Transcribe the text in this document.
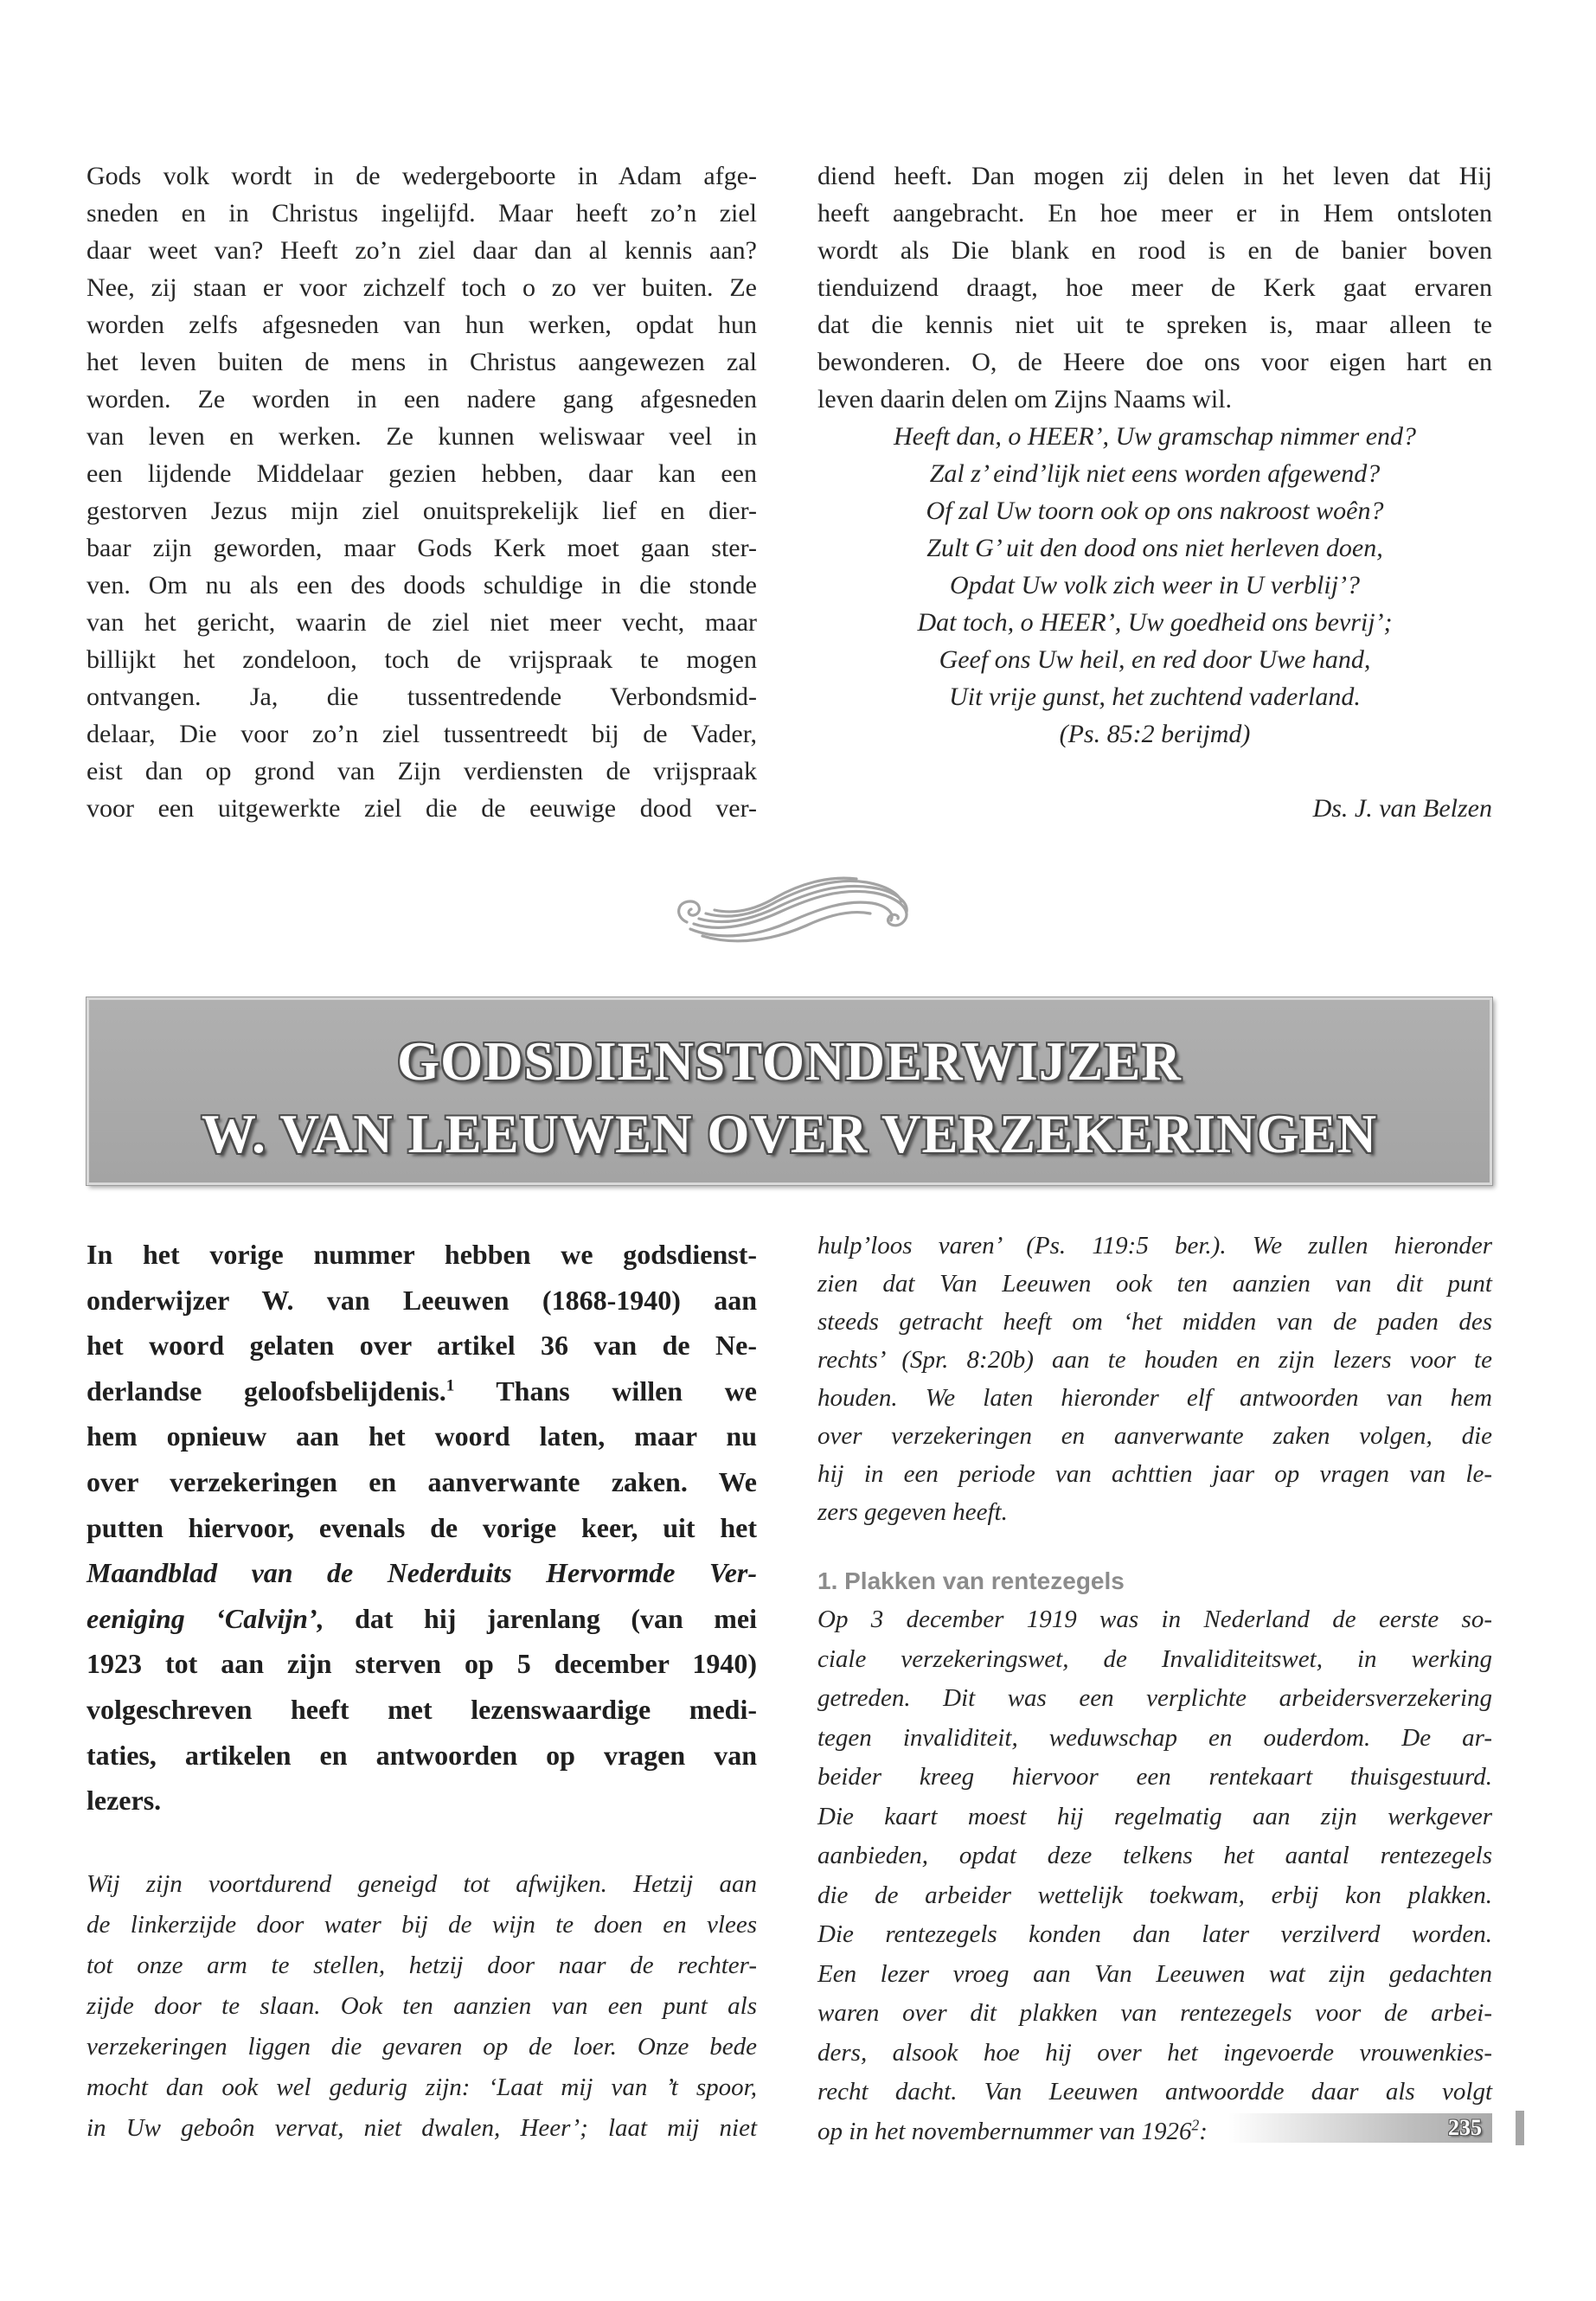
Gods volk wordt in de wedergeboorte in Adam afge-
sneden en in Christus ingelijfd. Maar heeft zo’n ziel
daar weet van? Heeft zo’n ziel daar dan al kennis aan?
Nee, zij staan er voor zichzelf toch o zo ver buiten. Ze
worden zelfs afgesneden van hun werken, opdat hun
het leven buiten de mens in Christus aangewezen zal
worden. Ze worden in een nadere gang afgesneden
van leven en werken. Ze kunnen weliswaar veel in
een lijdende Middelaar gezien hebben, daar kan een
gestorven Jezus mijn ziel onuitsprekelijk lief en dier-
baar zijn geworden, maar Gods Kerk moet gaan ster-
ven. Om nu als een des doods schuldige in die stonde
van het gericht, waarin de ziel niet meer vecht, maar
billijkt het zondeloon, toch de vrijspraak te mogen
ontvangen. Ja, die tussentredende Verbondsmid-
delaar, Die voor zo’n ziel tussentreedt bij de Vader,
eist dan op grond van Zijn verdiensten de vrijspraak
voor een uitgewerkte ziel die de eeuwige dood ver-
diend heeft. Dan mogen zij delen in het leven dat Hij
heeft aangebracht. En hoe meer er in Hem ontsloten
wordt als Die blank en rood is en de banier boven
tienduizend draagt, hoe meer de Kerk gaat ervaren
dat die kennis niet uit te spreken is, maar alleen te
bewonderen. O, de Heere doe ons voor eigen hart en
leven daarin delen om Zijns Naams wil.
Heeft dan, o HEER’, Uw gramschap nimmer end?
Zal z’ eind’lijk niet eens worden afgewend?
Of zal Uw toorn ook op ons nakroost woên?
Zult G’ uit den dood ons niet herleven doen,
Opdat Uw volk zich weer in U verblij’?
Dat toch, o HEER’, Uw goedheid ons bevrij’;
Geef ons Uw heil, en red door Uwe hand,
Uit vrije gunst, het zuchtend vaderland.
(Ps. 85:2 berijmd)
Ds. J. van Belzen
GODSDIENSTONDERWIJZER
W. VAN LEEUWEN OVER VERZEKERINGEN
In het vorige nummer hebben we godsdienst-
onderwijzer W. van Leeuwen (1868-1940) aan
het woord gelaten over artikel 36 van de Ne-
derlandse geloofsbelijdenis.$^1$ Thans willen we
hem opnieuw aan het woord laten, maar nu
over verzekeringen en aanverwante zaken. We
putten hiervoor, evenals de vorige keer, uit het
Maandblad van de Nederduits Hervormde Ver-
eeniging ‘Calvijn’, dat hij jarenlang (van mei
1923 tot aan zijn sterven op 5 december 1940)
volgeschreven heeft met lezenswaardige medi-
taties, artikelen en antwoorden op vragen van
lezers.
Wij zijn voortdurend geneigd tot afwijken. Hetzij aan
de linkerzijde door water bij de wijn te doen en vlees
tot onze arm te stellen, hetzij door naar de rechter-
zijde door te slaan. Ook ten aanzien van een punt als
verzekeringen liggen die gevaren op de loer. Onze bede
mocht dan ook wel gedurig zijn: ‘Laat mij van ’t spoor,
in Uw geboôn vervat, niet dwalen, Heer’; laat mij niet
hulp’loos varen’ (Ps. 119:5 ber.). We zullen hieronder
zien dat Van Leeuwen ook ten aanzien van dit punt
steeds getracht heeft om ‘het midden van de paden des
rechts’ (Spr. 8:20b) aan te houden en zijn lezers voor te
houden. We laten hieronder elf antwoorden van hem
over verzekeringen en aanverwante zaken volgen, die
hij in een periode van achttien jaar op vragen van le-
zers gegeven heeft.
1. Plakken van rentezegels
Op 3 december 1919 was in Nederland de eerste so-
ciale verzekeringswet, de Invaliditeitswet, in werking
getreden. Dit was een verplichte arbeidersverzekering
tegen invaliditeit, weduwschap en ouderdom. De ar-
beider kreeg hiervoor een rentekaart thuisgestuurd.
Die kaart moest hij regelmatig aan zijn werkgever
aanbieden, opdat deze telkens het aantal rentezegels
die de arbeider wettelijk toekwam, erbij kon plakken.
Die rentezegels konden dan later verzilverd worden.
Een lezer vroeg aan Van Leeuwen wat zijn gedachten
waren over dit plakken van rentezegels voor de arbei-
ders, alsook hoe hij over het ingevoerde vrouwenkies-
recht dacht. Van Leeuwen antwoordde daar als volgt
op in het novembernummer van 1926$^2$:	235
